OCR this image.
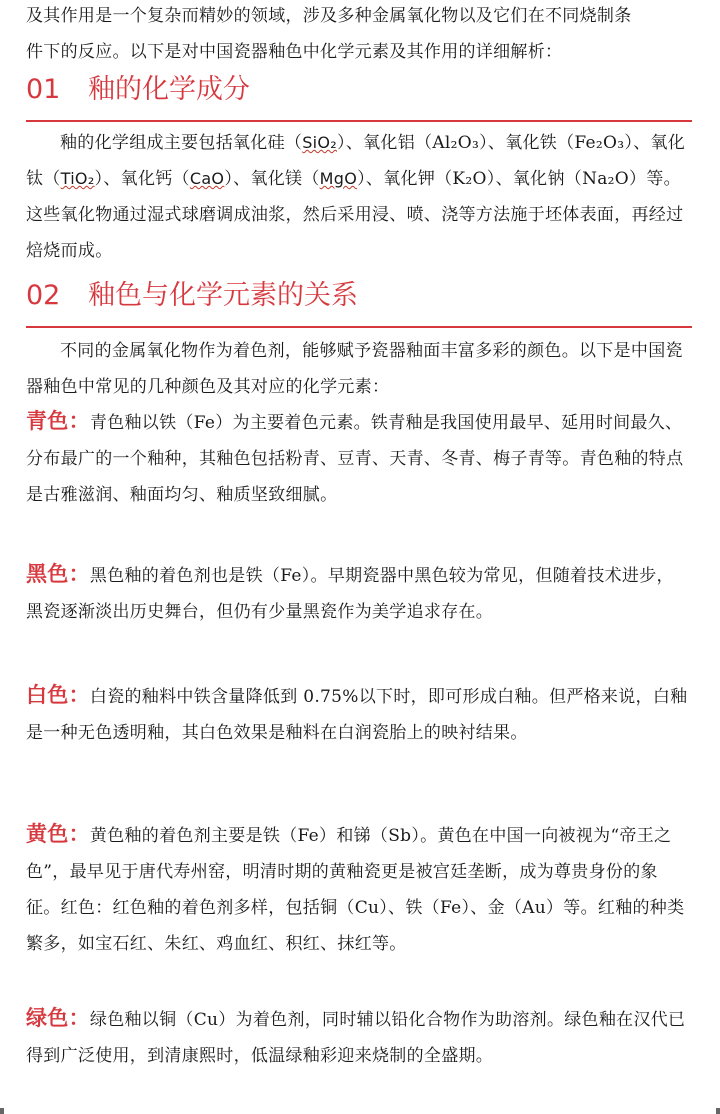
及其作用是一个复杂而精妙的领域，涉及多种金属氧化物以及它们在不同烧制条

件下的反应。以下是对中国瓷器釉色中化学元素及其作用的详细解析：

01 釉的化学成分

釉的化学组成主要包括氧化硅（SiO₂）、氧化铝（Al₂O₃）、氧化铁（Fe₂O₃）、氧化钛（TiO₂）、氧化钙（CaO）、氧化镁（MgO）、氧化钾（K₂O）、氧化钠（Na₂O）等。这些氧化物通过湿式球磨调成油浆，然后采用浸、喷、浇等方法施于坯体表面，再经过焙烧而成。

02 釉色与化学元素的关系

不同的金属氧化物作为着色剂，能够赋予瓷器釉面丰富多彩的颜色。以下是中国瓷器釉色中常见的几种颜色及其对应的化学元素：

青色：青色釉以铁（Fe）为主要着色元素。铁青釉是我国使用最早、延用时间最久、分布最广的一个釉种，其釉色包括粉青、豆青、天青、冬青、梅子青等。青色釉的特点是古雅滋润、釉面均匀、釉质坚致细腻。

黑色：黑色釉的着色剂也是铁（Fe）。早期瓷器中黑色较为常见，但随着技术进步，黑瓷逐渐淡出历史舞台，但仍有少量黑瓷作为美学追求存在。

白色：白瓷的釉料中铁含量降低到 0.75%以下时，即可形成白釉。但严格来说，白釉是一种无色透明釉，其白色效果是釉料在白润瓷胎上的映衬结果。

黄色：黄色釉的着色剂主要是铁（Fe）和锑（Sb）。黄色在中国一向被视为“帝王之色”，最早见于唐代寿州窑，明清时期的黄釉瓷更是被宫廷垄断，成为尊贵身份的象征。红色：红色釉的着色剂多样，包括铜（Cu）、铁（Fe）、金（Au）等。红釉的种类繁多，如宝石红、朱红、鸡血红、积红、抹红等。

绿色：绿色釉以铜（Cu）为着色剂，同时辅以铅化合物作为助溶剂。绿色釉在汉代已得到广泛使用，到清康熙时，低温绿釉彩迎来烧制的全盛期。
